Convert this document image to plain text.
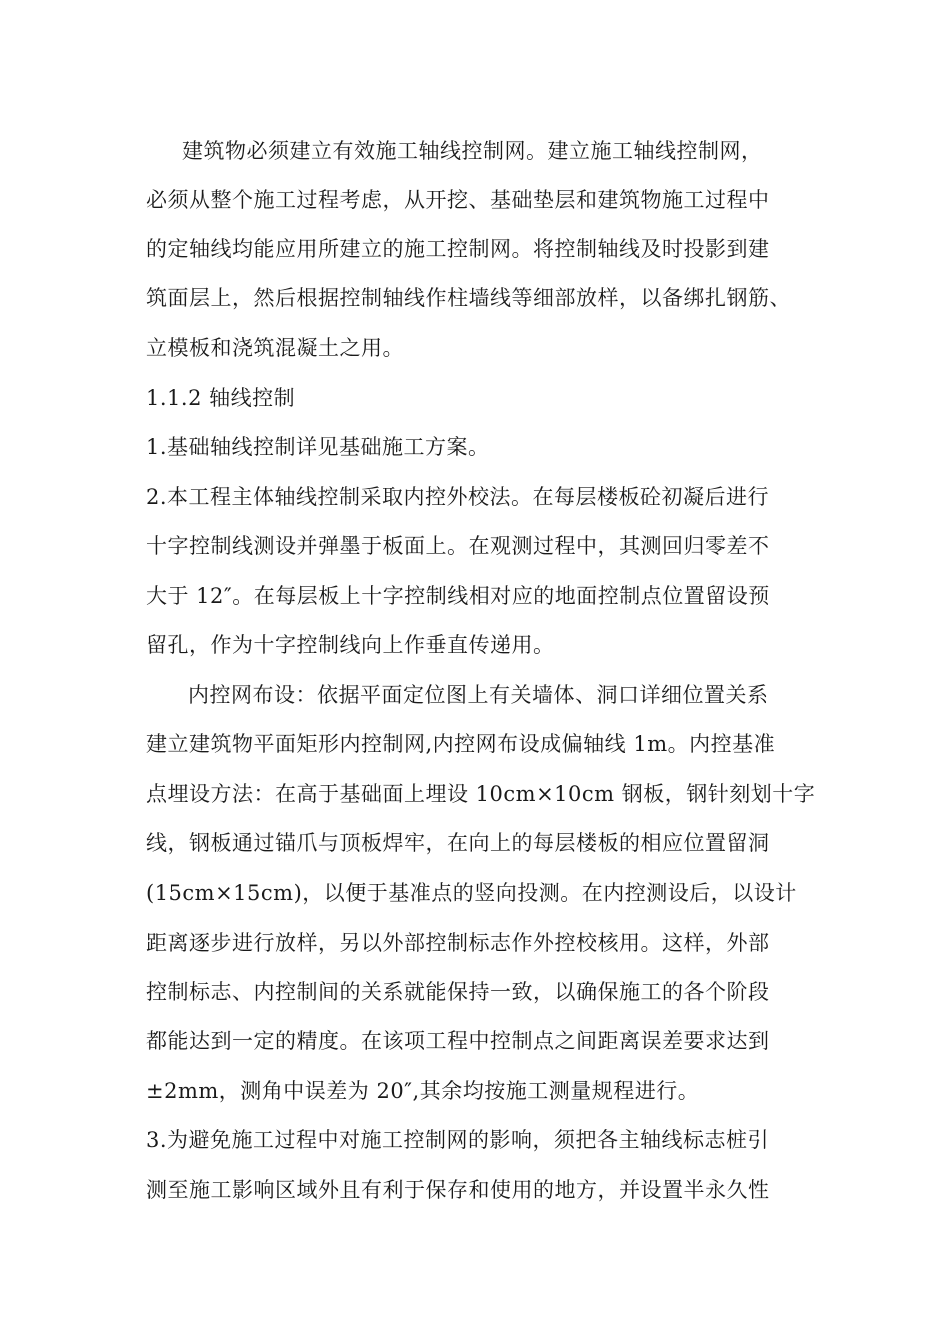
建筑物必须建立有效施工轴线控制网。建立施工轴线控制网，
必须从整个施工过程考虑，从开挖、基础垫层和建筑物施工过程中
的定轴线均能应用所建立的施工控制网。将控制轴线及时投影到建
筑面层上，然后根据控制轴线作柱墙线等细部放样，以备绑扎钢筋、
立模板和浇筑混凝土之用。
1.1.2 轴线控制
1.基础轴线控制详见基础施工方案。
2.本工程主体轴线控制采取内控外校法。在每层楼板砼初凝后进行
十字控制线测设并弹墨于板面上。在观测过程中，其测回归零差不
大于 12″。在每层板上十字控制线相对应的地面控制点位置留设预
留孔，作为十字控制线向上作垂直传递用。
内控网布设：依据平面定位图上有关墙体、洞口详细位置关系
建立建筑物平面矩形内控制网,内控网布设成偏轴线 1m。内控基准
点埋设方法：在高于基础面上埋设 10cm×10cm 钢板，钢针刻划十字
线，钢板通过锚爪与顶板焊牢，在向上的每层楼板的相应位置留洞
(15cm×15cm)，以便于基准点的竖向投测。在内控测设后，以设计
距离逐步进行放样，另以外部控制标志作外控校核用。这样，外部
控制标志、内控制间的关系就能保持一致，以确保施工的各个阶段
都能达到一定的精度。在该项工程中控制点之间距离误差要求达到
±2mm，测角中误差为 20″,其余均按施工测量规程进行。
3.为避免施工过程中对施工控制网的影响，须把各主轴线标志桩引
测至施工影响区域外且有利于保存和使用的地方，并设置半永久性
